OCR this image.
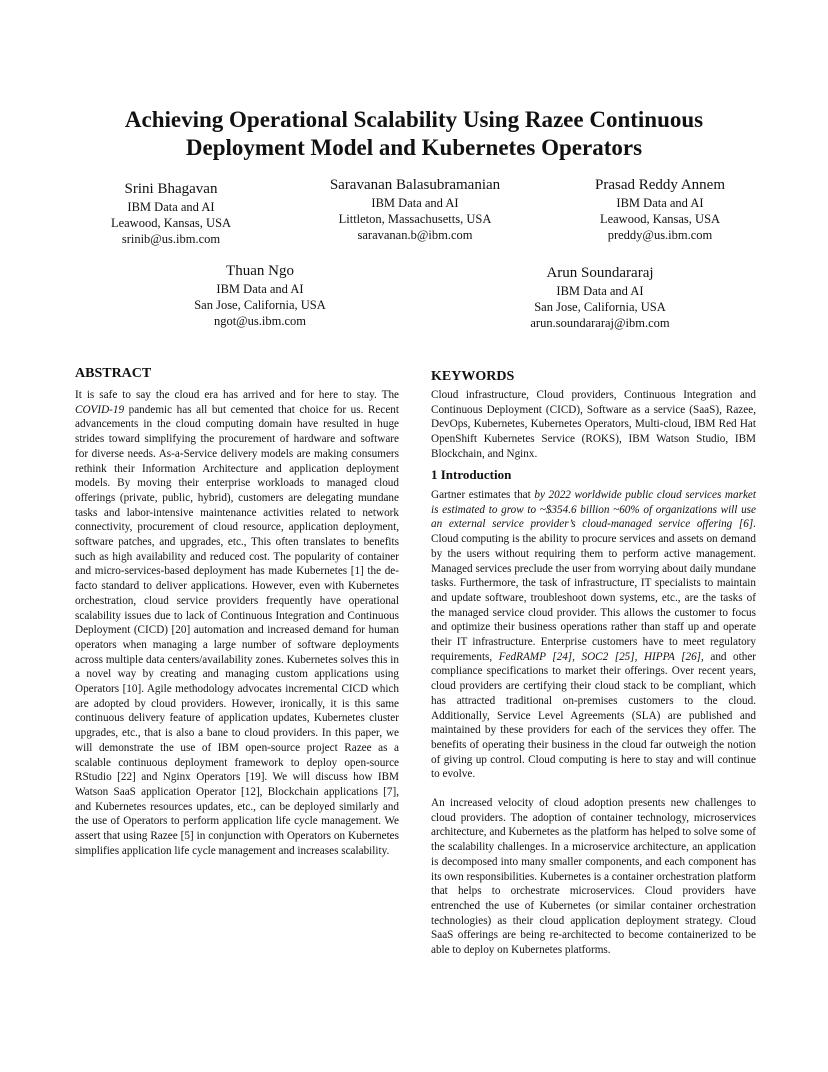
Achieving Operational Scalability Using Razee Continuous
Deployment Model and Kubernetes Operators
Srini Bhagavan
IBM Data and AI
Leawood, Kansas, USA
srinib@us.ibm.com
Saravanan Balasubramanian
IBM Data and AI
Littleton, Massachusetts, USA
saravanan.b@ibm.com
Prasad Reddy Annem
IBM Data and AI
Leawood, Kansas, USA
preddy@us.ibm.com
Thuan Ngo
IBM Data and AI
San Jose, California, USA
ngot@us.ibm.com
Arun Soundararaj
IBM Data and AI
San Jose, California, USA
arun.soundararaj@ibm.com
ABSTRACT

It is safe to say the cloud era has arrived and for here to stay. The COVID-19 pandemic has all but cemented that choice for us. Recent advancements in the cloud computing domain have resulted in huge strides toward simplifying the procurement of hardware and software for diverse needs. As-a-Service delivery models are making consumers rethink their Information Architecture and application deployment models. By moving their enterprise workloads to managed cloud offerings (private, public, hybrid), customers are delegating mundane tasks and labor-intensive maintenance activities related to network connectivity, procurement of cloud resource, application deployment, software patches, and upgrades, etc., This often translates to benefits such as high availability and reduced cost. The popularity of container and micro-services-based deployment has made Kubernetes [1] the de-facto standard to deliver applications. However, even with Kubernetes orchestration, cloud service providers frequently have operational scalability issues due to lack of Continuous Integration and Continuous Deployment (CICD) [20] automation and increased demand for human operators when managing a large number of software deployments across multiple data centers/availability zones. Kubernetes solves this in a novel way by creating and managing custom applications using Operators [10]. Agile methodology advocates incremental CICD which are adopted by cloud providers. However, ironically, it is this same continuous delivery feature of application updates, Kubernetes cluster upgrades, etc., that is also a bane to cloud providers. In this paper, we will demonstrate the use of IBM open-source project Razee as a scalable continuous deployment framework to deploy open-source RStudio [22] and Nginx Operators [19]. We will discuss how IBM Watson SaaS application Operator [12], Blockchain applications [7], and Kubernetes resources updates, etc., can be deployed similarly and the use of Operators to perform application life cycle management. We assert that using Razee [5] in conjunction with Operators on Kubernetes simplifies application life cycle management and increases scalability.

KEYWORDS

Cloud infrastructure, Cloud providers, Continuous Integration and Continuous Deployment (CICD), Software as a service (SaaS), Razee, DevOps, Kubernetes, Kubernetes Operators, Multi-cloud, IBM Red Hat OpenShift Kubernetes Service (ROKS), IBM Watson Studio, IBM Blockchain, and Nginx.

1 Introduction

Gartner estimates that by 2022 worldwide public cloud services market is estimated to grow to ~$354.6 billion ~60% of organizations will use an external service provider’s cloud-managed service offering [6]. Cloud computing is the ability to procure services and assets on demand by the users without requiring them to perform active management. Managed services preclude the user from worrying about daily mundane tasks. Furthermore, the task of infrastructure, IT specialists to maintain and update software, troubleshoot down systems, etc., are the tasks of the managed service cloud provider. This allows the customer to focus and optimize their business operations rather than staff up and operate their IT infrastructure. Enterprise customers have to meet regulatory requirements, FedRAMP [24], SOC2 [25], HIPPA [26], and other compliance specifications to market their offerings. Over recent years, cloud providers are certifying their cloud stack to be compliant, which has attracted traditional on-premises customers to the cloud. Additionally, Service Level Agreements (SLA) are published and maintained by these providers for each of the services they offer. The benefits of operating their business in the cloud far outweigh the notion of giving up control. Cloud computing is here to stay and will continue to evolve.

An increased velocity of cloud adoption presents new challenges to cloud providers. The adoption of container technology, microservices architecture, and Kubernetes as the platform has helped to solve some of the scalability challenges. In a microservice architecture, an application is decomposed into many smaller components, and each component has its own responsibilities. Kubernetes is a container orchestration platform that helps to orchestrate microservices. Cloud providers have entrenched the use of Kubernetes (or similar container orchestration technologies) as their cloud application deployment strategy. Cloud SaaS offerings are being re-architected to become containerized to be able to deploy on Kubernetes platforms.
